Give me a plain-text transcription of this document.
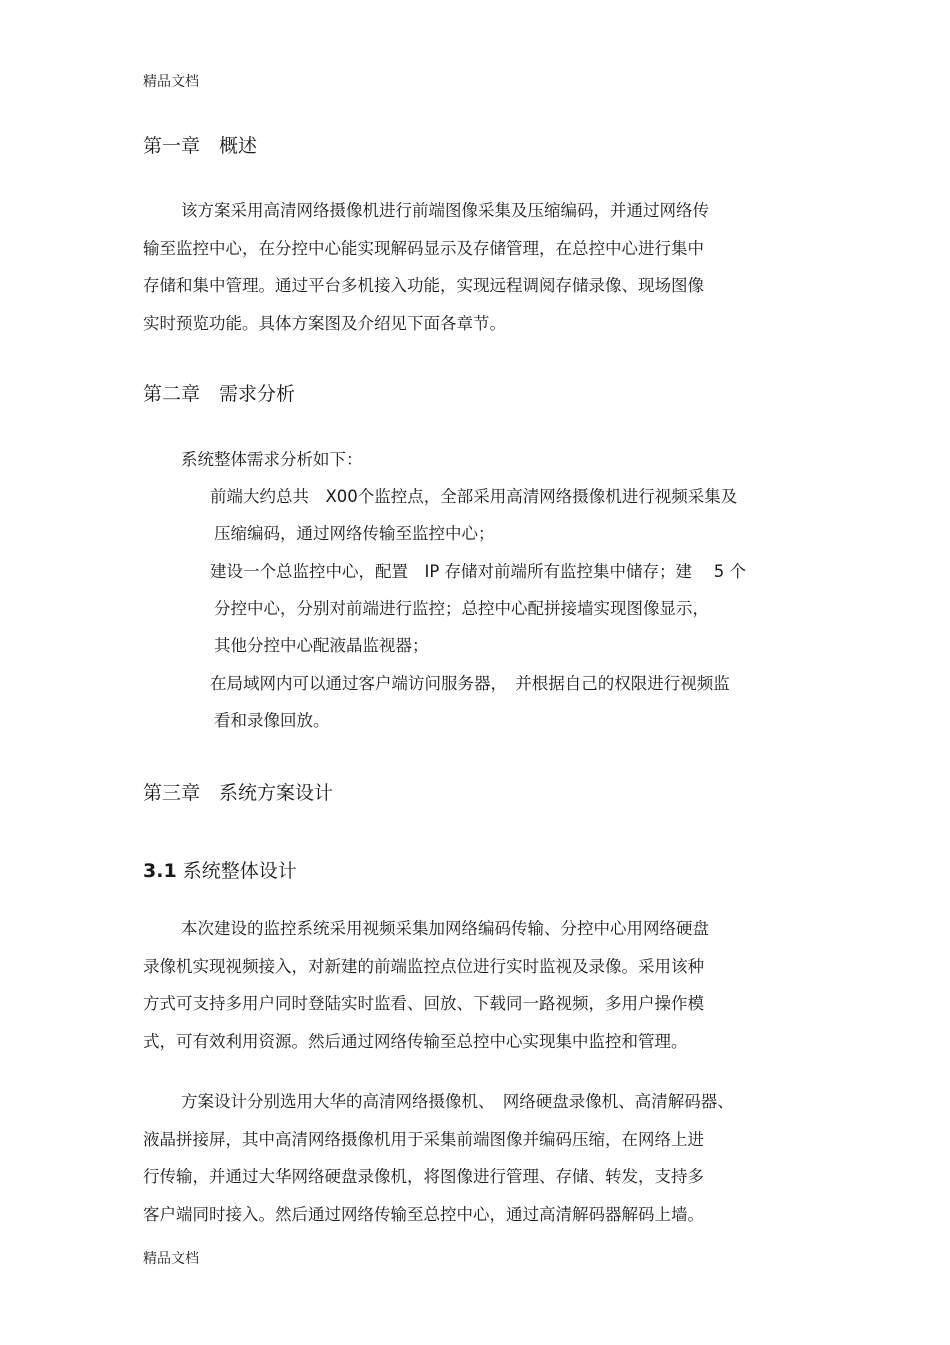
精品文档
第一章　概述
该方案采用高清网络摄像机进行前端图像采集及压缩编码，并通过网络传
输至监控中心，在分控中心能实现解码显示及存储管理，在总控中心进行集中
存储和集中管理。通过平台多机接入功能，实现远程调阅存储录像、现场图像
实时预览功能。具体方案图及介绍见下面各章节。
第二章　需求分析
系统整体需求分析如下：
前端大约总共　X00个监控点，全部采用高清网络摄像机进行视频采集及
压缩编码，通过网络传输至监控中心；
建设一个总监控中心，配置　IP 存储对前端所有监控集中储存；建　 5 个
分控中心，分别对前端进行监控；总控中心配拼接墙实现图像显示，
其他分控中心配液晶监视器；
在局域网内可以通过客户端访问服务器，　并根据自己的权限进行视频监
看和录像回放。
第三章　系统方案设计
3.1 系统整体设计
本次建设的监控系统采用视频采集加网络编码传输、分控中心用网络硬盘
录像机实现视频接入，对新建的前端监控点位进行实时监视及录像。采用该种
方式可支持多用户同时登陆实时监看、回放、下载同一路视频，多用户操作模
式，可有效利用资源。然后通过网络传输至总控中心实现集中监控和管理。
方案设计分别选用大华的高清网络摄像机、　网络硬盘录像机、高清解码器、
液晶拼接屏，其中高清网络摄像机用于采集前端图像并编码压缩，在网络上进
行传输，并通过大华网络硬盘录像机，将图像进行管理、存储、转发，支持多
客户端同时接入。然后通过网络传输至总控中心，通过高清解码器解码上墙。
精品文档
